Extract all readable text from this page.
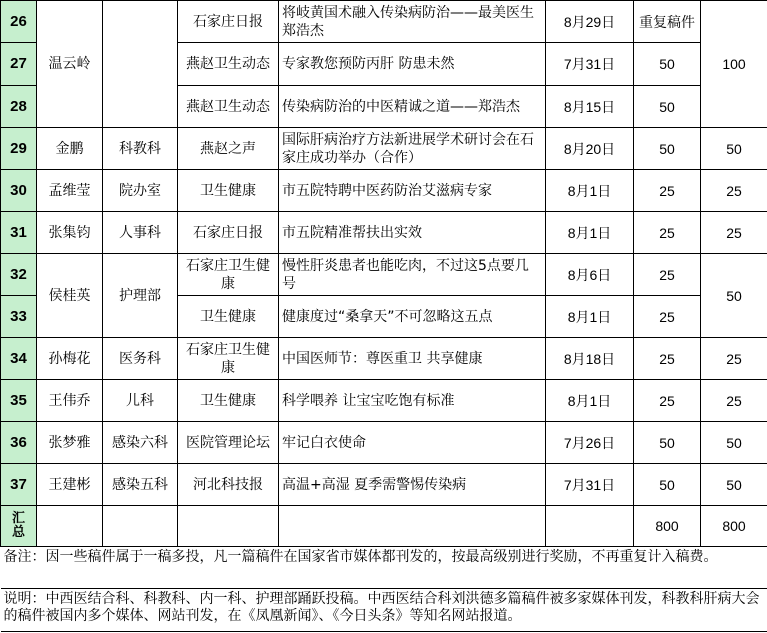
26	温云岭		石家庄日报	将岐黄国术融入传染病防治——最美医生郑浩杰	8月29日	重复稿件	100
27			燕赵卫生动态	专家教您预防丙肝 防患未然	7月31日	50	
28			燕赵卫生动态	传染病防治的中医精诚之道——郑浩杰	8月15日	50	
29	金鹏	科教科	燕赵之声	国际肝病治疗方法新进展学术研讨会在石家庄成功举办（合作）	8月20日	50	50
30	孟维莹	院办室	卫生健康	市五院特聘中医药防治艾滋病专家	8月1日	25	25
31	张集钧	人事科	石家庄日报	市五院精准帮扶出实效	8月1日	25	25
32	侯桂英	护理部	石家庄卫生健康	慢性肝炎患者也能吃肉，不过这5点要几号	8月6日	25	50
33			卫生健康	健康度过“桑拿天”不可忽略这五点	8月1日	25	
34	孙梅花	医务科	石家庄卫生健康	中国医师节：尊医重卫 共享健康	8月18日	25	25
35	王伟乔	儿科	卫生健康	科学喂养 让宝宝吃饱有标准	8月1日	25	25
36	张梦雅	感染六科	医院管理论坛	牢记白衣使命	7月26日	50	50
37	王建彬	感染五科	河北科技报	高温+高湿 夏季需警惕传染病	7月31日	50	50

汇总						800	800
备注：因一些稿件属于一稿多投，凡一篇稿件在国家省市媒体都刊发的，按最高级别进行奖励，不再重复计入稿费。							
说明：中西医结合科、科教科、内一科、护理部踊跃投稿。中西医结合科刘洪德多篇稿件被多家媒体刊发，科教科肝病大会的稿件被国内多个媒体、网站刊发，在《凤凰新闻》、《今日头条》等知名网站报道。							
